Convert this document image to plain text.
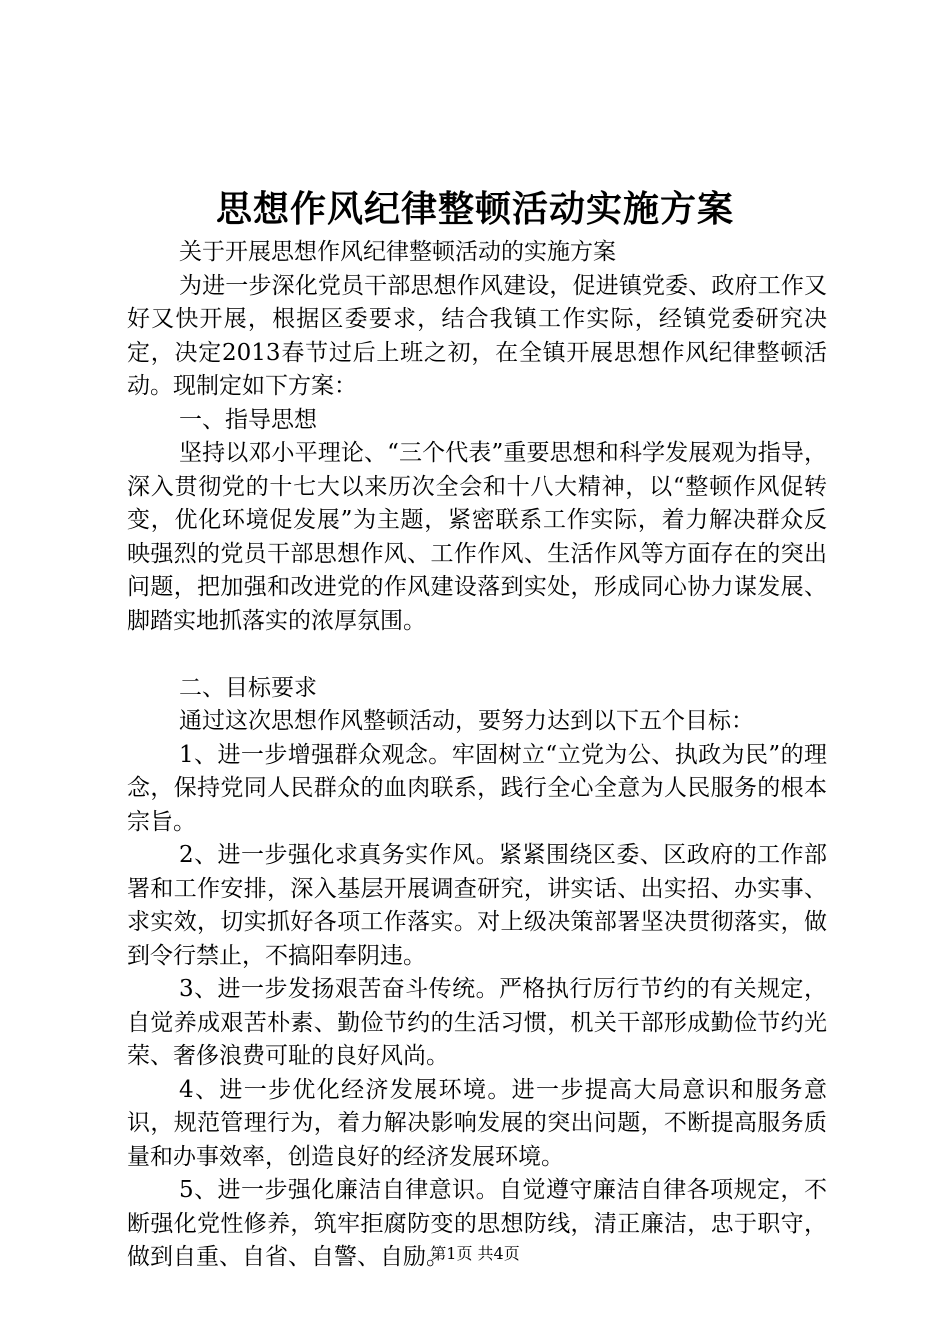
思想作风纪律整顿活动实施方案

关于开展思想作风纪律整顿活动的实施方案

为进一步深化党员干部思想作风建设，促进镇党委、政府工作又好又快开展，根据区委要求，结合我镇工作实际，经镇党委研究决定，决定2013春节过后上班之初，在全镇开展思想作风纪律整顿活动。现制定如下方案：

一、指导思想

坚持以邓小平理论、“三个代表”重要思想和科学发展观为指导，深入贯彻党的十七大以来历次全会和十八大精神，以“整顿作风促转变，优化环境促发展”为主题，紧密联系工作实际，着力解决群众反映强烈的党员干部思想作风、工作作风、生活作风等方面存在的突出问题，把加强和改进党的作风建设落到实处，形成同心协力谋发展、脚踏实地抓落实的浓厚氛围。

二、目标要求

通过这次思想作风整顿活动，要努力达到以下五个目标：

1、进一步增强群众观念。牢固树立“立党为公、执政为民”的理念，保持党同人民群众的血肉联系，践行全心全意为人民服务的根本宗旨。

2、进一步强化求真务实作风。紧紧围绕区委、区政府的工作部署和工作安排，深入基层开展调查研究，讲实话、出实招、办实事、求实效，切实抓好各项工作落实。对上级决策部署坚决贯彻落实，做到令行禁止，不搞阳奉阴违。

3、进一步发扬艰苦奋斗传统。严格执行厉行节约的有关规定，自觉养成艰苦朴素、勤俭节约的生活习惯，机关干部形成勤俭节约光荣、奢侈浪费可耻的良好风尚。

4、进一步优化经济发展环境。进一步提高大局意识和服务意识，规范管理行为，着力解决影响发展的突出问题，不断提高服务质量和办事效率，创造良好的经济发展环境。

5、进一步强化廉洁自律意识。自觉遵守廉洁自律各项规定，不断强化党性修养，筑牢拒腐防变的思想防线，清正廉洁，忠于职守，做到自重、自省、自警、自励。

第1页 共4页
